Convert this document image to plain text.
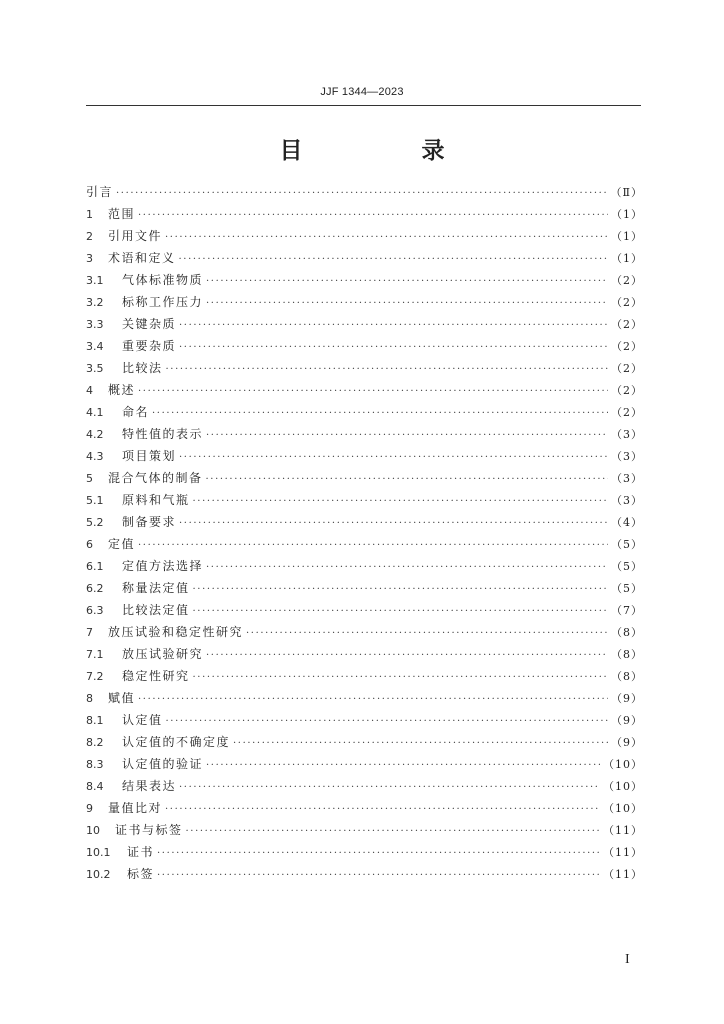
JJF 1344—2023
目　录
引言 ·····	（Ⅱ）
1	范围 ·····	（1）
2	引用文件 ·····	（1）
3	术语和定义 ·····	（1）
3.1	气体标准物质 ·····	（2）
3.2	标称工作压力 ·····	（2）
3.3	关键杂质 ·····	（2）
3.4	重要杂质 ·····	（2）
3.5	比较法 ·····	（2）
4	概述 ·····	（2）
4.1	命名 ·····	（2）
4.2	特性值的表示 ·····	（3）
4.3	项目策划 ·····	（3）
5	混合气体的制备 ·····	（3）
5.1	原料和气瓶 ·····	（3）
5.2	制备要求 ·····	（4）
6	定值 ·····	（5）
6.1	定值方法选择 ·····	（5）
6.2	称量法定值 ·····	（5）
6.3	比较法定值 ·····	（7）
7	放压试验和稳定性研究 ·····	（8）
7.1	放压试验研究 ·····	（8）
7.2	稳定性研究 ·····	（8）
8	赋值 ·····	（9）
8.1	认定值 ·····	（9）
8.2	认定值的不确定度 ·····	（9）
8.3	认定值的验证 ·····	（10）
8.4	结果表达 ·····	（10）
9	量值比对 ·····	（10）
10	证书与标签 ·····	（11）
10.1	证书 ·····	（11）
10.2	标签 ·····	（11）
I
